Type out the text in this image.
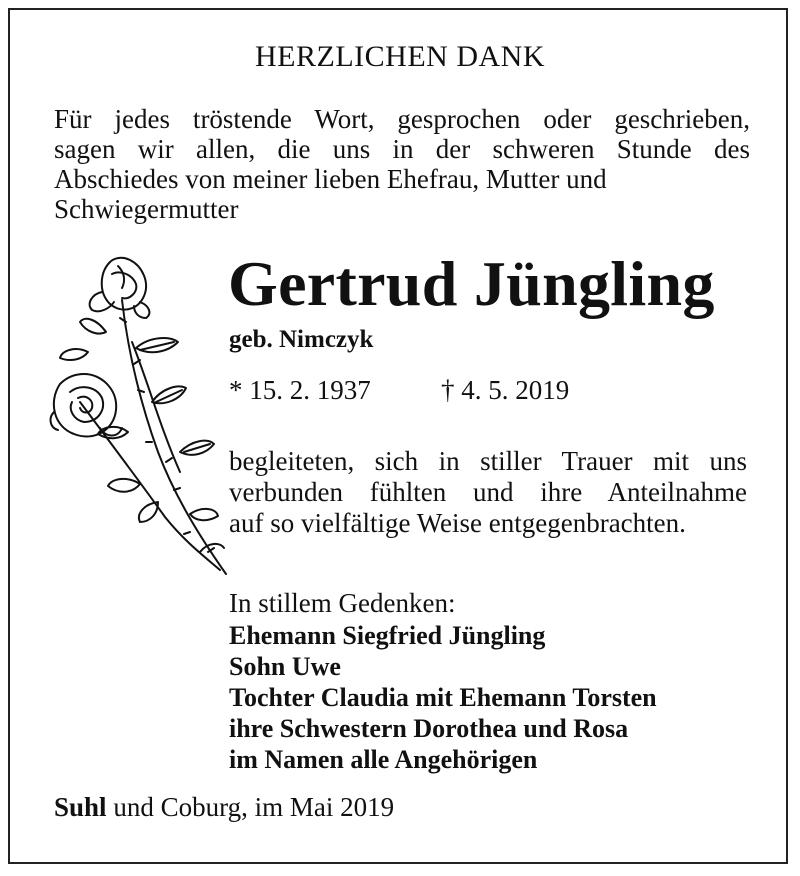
HERZLICHEN DANK
Für jedes tröstende Wort, gesprochen oder geschrieben,
sagen wir allen, die uns in der schweren Stunde des
Abschiedes von meiner lieben Ehefrau, Mutter und
Schwiegermutter
Gertrud Jüngling
geb. Nimczyk
* 15. 2. 1937	† 4. 5. 2019
begleiteten, sich in stiller Trauer mit uns
verbunden fühlten und ihre Anteilnahme
auf so vielfältige Weise entgegenbrachten.
In stillem Gedenken:
Ehemann Siegfried Jüngling
Sohn Uwe
Tochter Claudia mit Ehemann Torsten
ihre Schwestern Dorothea und Rosa
im Namen alle Angehörigen
Suhl und Coburg, im Mai 2019
